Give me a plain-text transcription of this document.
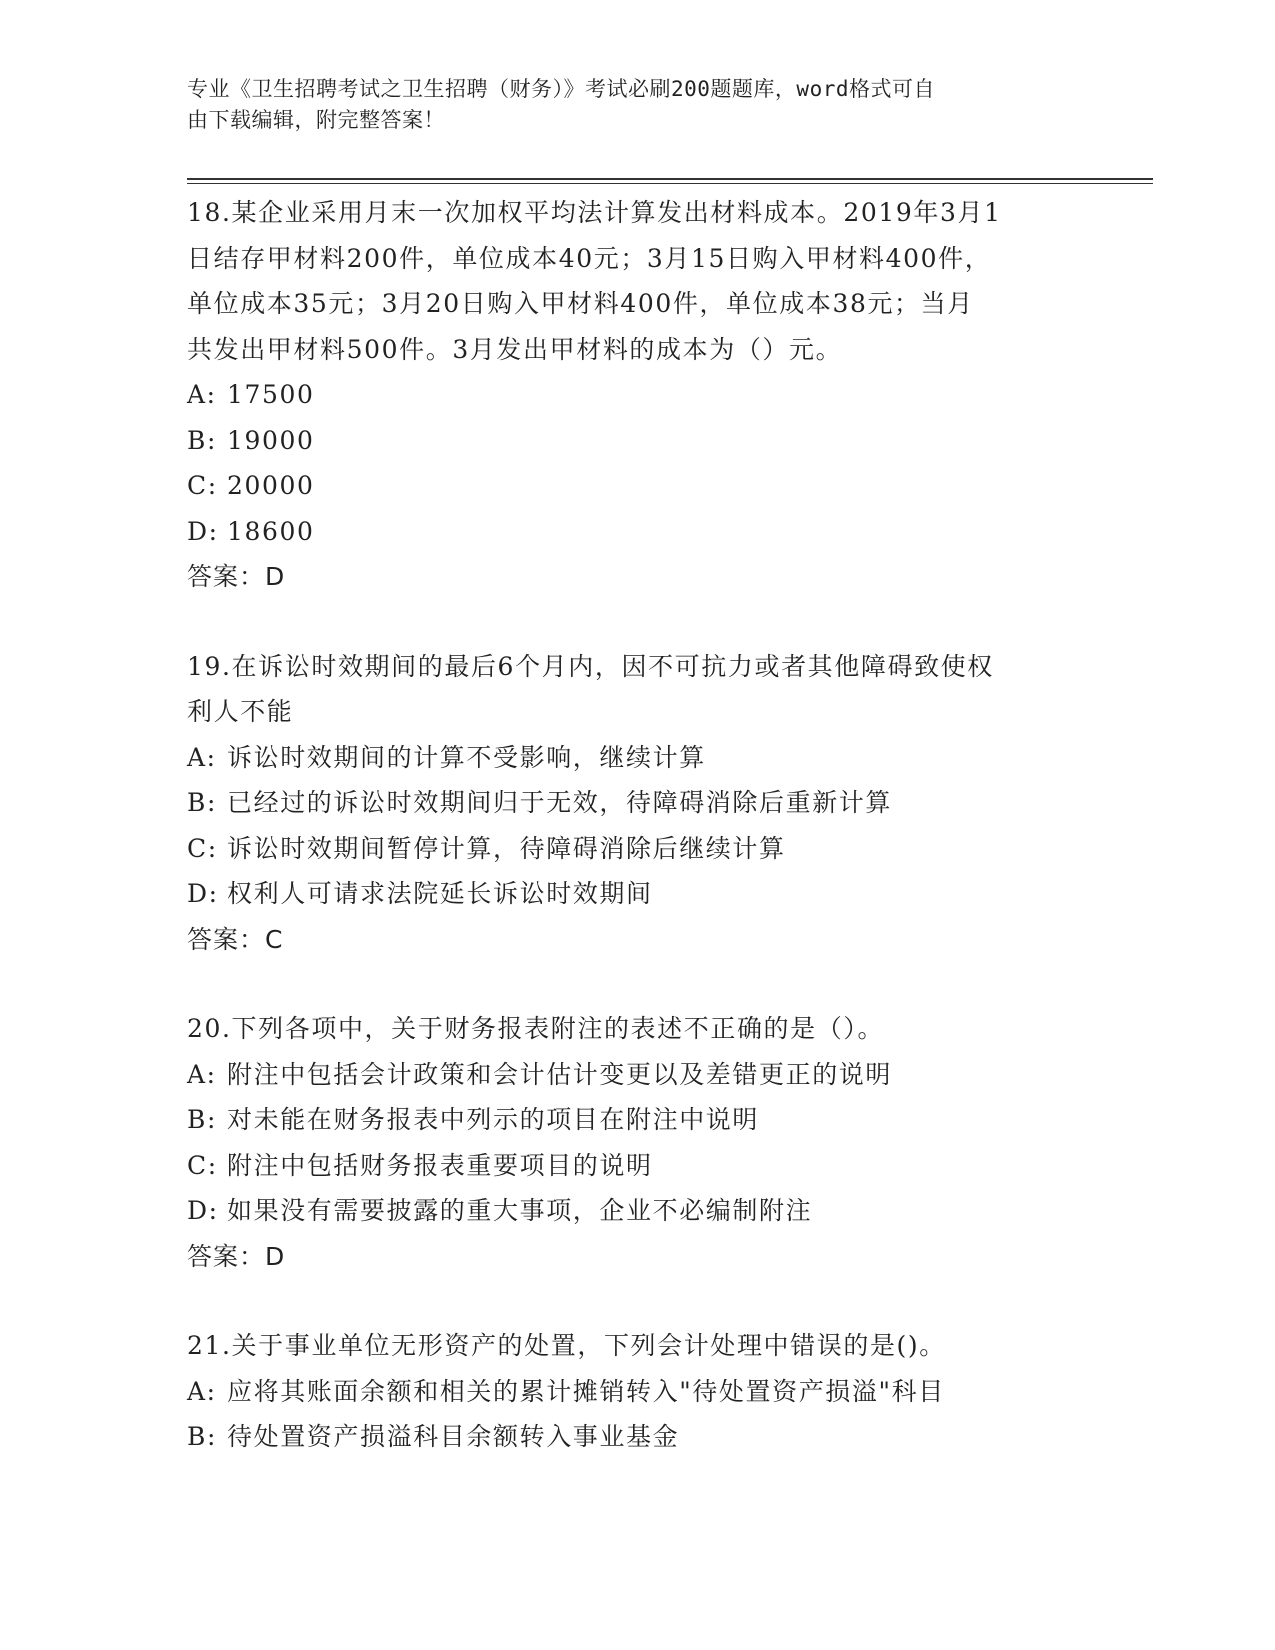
专业《卫生招聘考试之卫生招聘（财务）》考试必刷200题题库，word格式可自
由下载编辑，附完整答案！

18.某企业采用月末一次加权平均法计算发出材料成本。2019年3月1

日结存甲材料200件，单位成本40元；3月15日购入甲材料400件，

单位成本35元；3月20日购入甲材料400件，单位成本38元；当月

共发出甲材料500件。3月发出甲材料的成本为（）元。

A: 17500

B: 19000

C: 20000

D: 18600

答案：D

19.在诉讼时效期间的最后6个月内，因不可抗力或者其他障碍致使权

利人不能

A: 诉讼时效期间的计算不受影响，继续计算

B: 已经过的诉讼时效期间归于无效，待障碍消除后重新计算

C: 诉讼时效期间暂停计算，待障碍消除后继续计算

D: 权利人可请求法院延长诉讼时效期间

答案：C

20.下列各项中，关于财务报表附注的表述不正确的是（）。

A: 附注中包括会计政策和会计估计变更以及差错更正的说明

B: 对未能在财务报表中列示的项目在附注中说明

C: 附注中包括财务报表重要项目的说明

D: 如果没有需要披露的重大事项，企业不必编制附注

答案：D

21.关于事业单位无形资产的处置，下列会计处理中错误的是()。

A: 应将其账面余额和相关的累计摊销转入"待处置资产损溢"科目

B: 待处置资产损溢科目余额转入事业基金
